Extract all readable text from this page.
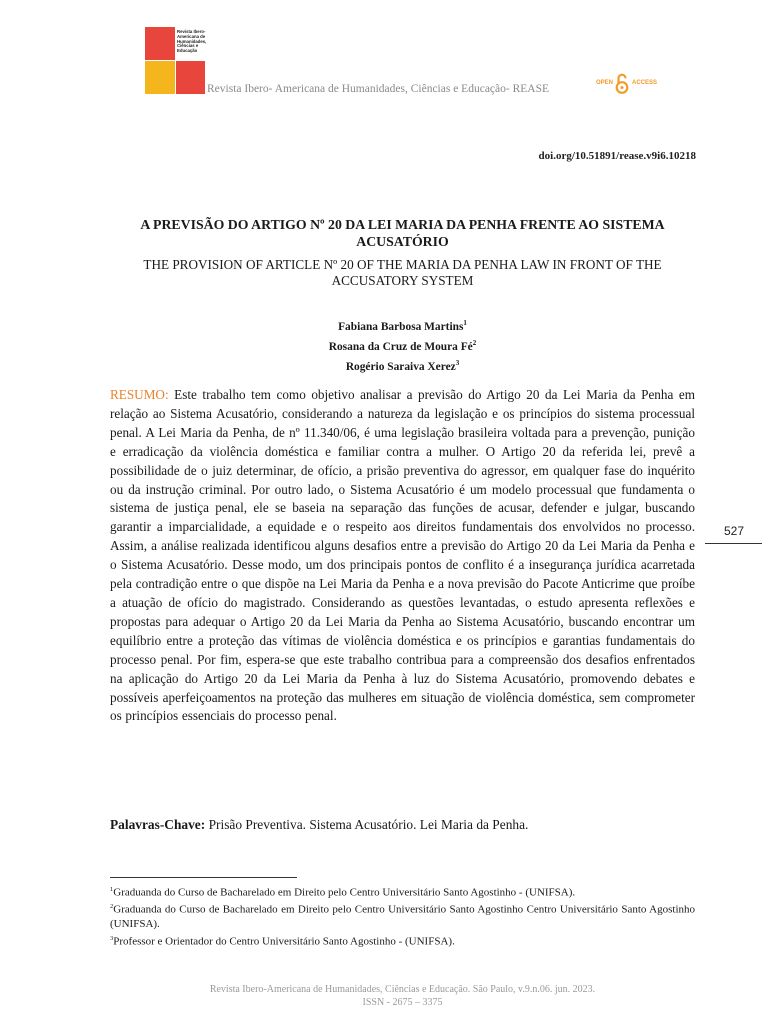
Revista Ibero-Americana de Humanidades, Ciências e Educação
Revista Ibero- Americana de Humanidades, Ciências e Educação- REASE	OPEN	ACCESS
doi.org/10.51891/rease.v9i6.10218
A PREVISÃO DO ARTIGO Nº 20 DA LEI MARIA DA PENHA FRENTE AO SISTEMA ACUSATÓRIO
THE PROVISION OF ARTICLE Nº 20 OF THE MARIA DA PENHA LAW IN FRONT OF THE ACCUSATORY SYSTEM
Fabiana Barbosa Martins$^1$
Rosana da Cruz de Moura $Fé^2$
Rogério Saraiva Xerez$^3$
RESUMO: Este trabalho tem como objetivo analisar a previsão do Artigo 20 da Lei Maria da Penha em relação ao Sistema Acusatório, considerando a natureza da legislação e os princípios do sistema processual penal. A Lei Maria da Penha, de nº 11.340/06, é uma legislação brasileira voltada para a prevenção, punição e erradicação da violência doméstica e familiar contra a mulher. O Artigo 20 da referida lei, prevê a possibilidade de o juiz determinar, de ofício, a prisão preventiva do agressor, em qualquer fase do inquérito ou da instrução criminal. Por outro lado, o Sistema Acusatório é um modelo processual que fundamenta o sistema de justiça penal, ele se baseia na separação das funções de acusar, defender e julgar, buscando garantir a imparcialidade, a equidade e o respeito aos direitos fundamentais dos envolvidos no processo. Assim, a análise realizada identificou alguns desafios entre a previsão do Artigo 20 da Lei Maria da Penha e o Sistema Acusatório. Desse modo, um dos principais pontos de conflito é a insegurança jurídica acarretada pela contradição entre o que dispõe na Lei Maria da Penha e a nova previsão do Pacote Anticrime que proíbe a atuação de ofício do magistrado. Considerando as questões levantadas, o estudo apresenta reflexões e propostas para adequar o Artigo 20 da Lei Maria da Penha ao Sistema Acusatório, buscando encontrar um equilíbrio entre a proteção das vítimas de violência doméstica e os princípios e garantias fundamentais do processo penal. Por fim, espera-se que este trabalho contribua para a compreensão dos desafios enfrentados na aplicação do Artigo 20 da Lei Maria da Penha à luz do Sistema Acusatório, promovendo debates e possíveis aperfeiçoamentos na proteção das mulheres em situação de violência doméstica, sem comprometer os princípios essenciais do processo penal.
527
Palavras-Chave: Prisão Preventiva. Sistema Acusatório. Lei Maria da Penha.

$^1$Graduanda do Curso de Bacharelado em Direito pelo Centro Universitário Santo Agostinho - (UNIFSA).

$^2$Graduanda do Curso de Bacharelado em Direito pelo Centro Universitário Santo Agostinho Centro Universitário Santo Agostinho (UNIFSA).

$^3$Professor e Orientador do Centro Universitário Santo Agostinho - (UNIFSA).

Revista Ibero-Americana de Humanidades, Ciências e Educação. São Paulo, v.9.n.06. jun. 2023.
ISSN - 2675 – 3375
